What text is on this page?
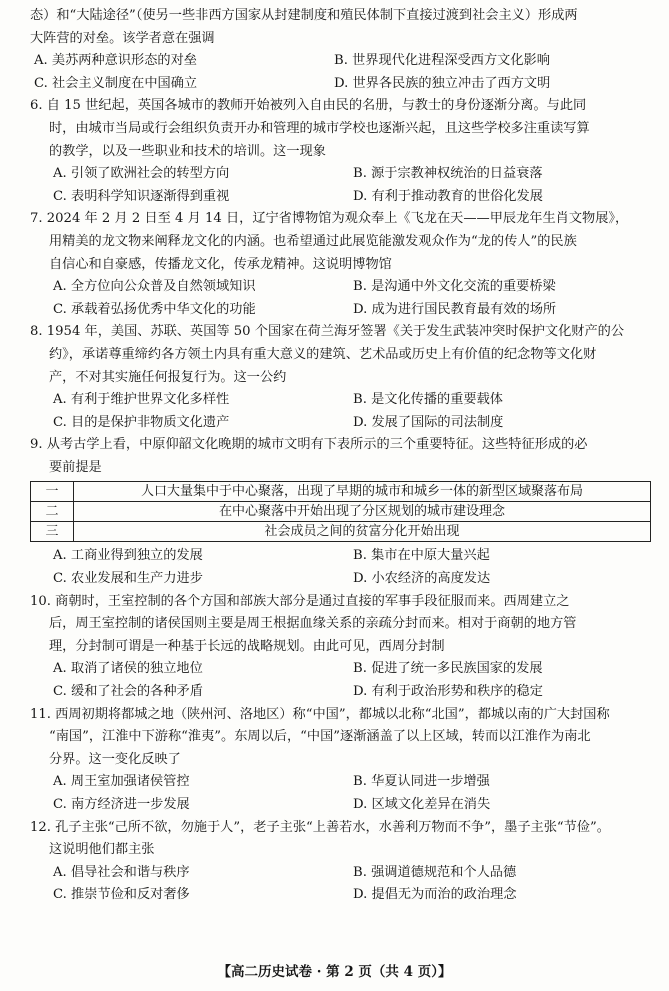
态）和“大陆途径”（使另一些非西方国家从封建制度和殖民体制下直接过渡到社会主义）形成两
大阵营的对垒。该学者意在强调
A. 美苏两种意识形态的对垒	B. 世界现代化进程深受西方文化影响
C. 社会主义制度在中国确立	D. 世界各民族的独立冲击了西方文明
6. 自 15 世纪起，英国各城市的教师开始被列入自由民的名册，与教士的身份逐渐分离。与此同
时，由城市当局或行会组织负责开办和管理的城市学校也逐渐兴起，且这些学校多注重读写算
的教学，以及一些职业和技术的培训。这一现象
A. 引领了欧洲社会的转型方向	B. 源于宗教神权统治的日益衰落
C. 表明科学知识逐渐得到重视	D. 有利于推动教育的世俗化发展
7. 2024 年 2 月 2 日至 4 月 14 日，辽宁省博物馆为观众奉上《飞龙在天——甲辰龙年生肖文物展》，
用精美的龙文物来阐释龙文化的内涵。也希望通过此展览能激发观众作为“龙的传人”的民族
自信心和自豪感，传播龙文化，传承龙精神。这说明博物馆
A. 全方位向公众普及自然领域知识	B. 是沟通中外文化交流的重要桥梁
C. 承载着弘扬优秀中华文化的功能	D. 成为进行国民教育最有效的场所
8. 1954 年，美国、苏联、英国等 50 个国家在荷兰海牙签署《关于发生武装冲突时保护文化财产的公
约》，承诺尊重缔约各方领土内具有重大意义的建筑、艺术品或历史上有价值的纪念物等文化财
产，不对其实施任何报复行为。这一公约
A. 有利于维护世界文化多样性	B. 是文化传播的重要载体
C. 目的是保护非物质文化遗产	D. 发展了国际的司法制度
9. 从考古学上看，中原仰韶文化晚期的城市文明有下表所示的三个重要特征。这些特征形成的必
要前提是
一	人口大量集中于中心聚落，出现了早期的城市和城乡一体的新型区域聚落布局
二	在中心聚落中开始出现了分区规划的城市建设理念
三	社会成员之间的贫富分化开始出现
A. 工商业得到独立的发展	B. 集市在中原大量兴起
C. 农业发展和生产力进步	D. 小农经济的高度发达
10. 商朝时，王室控制的各个方国和部族大部分是通过直接的军事手段征服而来。西周建立之
后，周王室控制的诸侯国则主要是周王根据血缘关系的亲疏分封而来。相对于商朝的地方管
理，分封制可谓是一种基于长远的战略规划。由此可见，西周分封制
A. 取消了诸侯的独立地位	B. 促进了统一多民族国家的发展
C. 缓和了社会的各种矛盾	D. 有利于政治形势和秩序的稳定
11. 西周初期将都城之地（陕州河、洛地区）称“中国”，都城以北称“北国”，都城以南的广大封国称
“南国”，江淮中下游称“淮夷”。东周以后，“中国”逐渐涵盖了以上区域，转而以江淮作为南北
分界。这一变化反映了
A. 周王室加强诸侯管控	B. 华夏认同进一步增强
C. 南方经济进一步发展	D. 区域文化差异在消失
12. 孔子主张“己所不欲，勿施于人”，老子主张“上善若水，水善利万物而不争”，墨子主张“节俭”。
这说明他们都主张
A. 倡导社会和谐与秩序	B. 强调道德规范和个人品德
C. 推崇节俭和反对奢侈	D. 提倡无为而治的政治理念
【高二历史试卷 · 第 2 页（共 4 页）】
